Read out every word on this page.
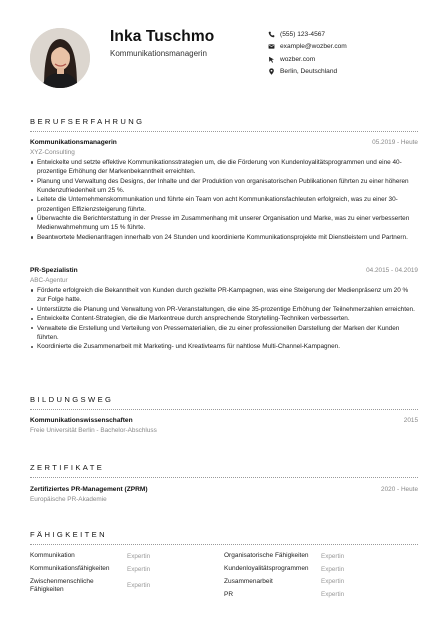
Inka Tuschmo
Kommunikationsmanagerin
(555) 123-4567
example@wozber.com
wozber.com
Berlin, Deutschland
BERUFSERFAHRUNG
Kommunikationsmanagerin	05.2019 - Heute
XYZ-Consulting
Entwickelte und setzte effektive Kommunikationsstrategien um, die die Förderung von Kundenloyalitätsprogrammen und eine 40-prozentige Erhöhung der Markenbekanntheit erreichten.
Planung und Verwaltung des Designs, der Inhalte und der Produktion von organisatorischen Publikationen führten zu einer höheren Kundenzufriedenheit um 25 %.
Leitete die Unternehmenskommunikation und führte ein Team von acht Kommunikationsfachleuten erfolgreich, was zu einer 30-prozentigen Effizienzsteigerung führte.
Überwachte die Berichterstattung in der Presse im Zusammenhang mit unserer Organisation und Marke, was zu einer verbesserten Medienwahrnehmung um 15 % führte.
Beantwortete Medienanfragen innerhalb von 24 Stunden und koordinierte Kommunikationsprojekte mit Dienstleistern und Partnern.
PR-Spezialistin	04.2015 - 04.2019
ABC-Agentur
Förderte erfolgreich die Bekanntheit von Kunden durch gezielte PR-Kampagnen, was eine Steigerung der Medienpräsenz um 20 % zur Folge hatte.
Unterstützte die Planung und Verwaltung von PR-Veranstaltungen, die eine 35-prozentige Erhöhung der Teilnehmerzahlen erreichten.
Entwickelte Content-Strategien, die die Markentreue durch ansprechende Storytelling-Techniken verbesserten.
Verwaltete die Erstellung und Verteilung von Pressematerialien, die zu einer professionellen Darstellung der Marken der Kunden führten.
Koordinierte die Zusammenarbeit mit Marketing- und Kreativteams für nahtlose Multi-Channel-Kampagnen.
BILDUNGSWEG
Kommunikationswissenschaften	2015
Freie Universität Berlin - Bachelor-Abschluss
ZERTIFIKATE
Zertifiziertes PR-Management (ZPRM)	2020 - Heute
Europäische PR-Akademie
FÄHIGKEITEN
Kommunikation	Expertin
Kommunikationsfähigkeiten	Expertin
Zwischenmenschliche Fähigkeiten	Expertin
Organisatorische Fähigkeiten	Expertin
Kundenloyalitätsprogrammen	Expertin
Zusammenarbeit	Expertin
PR	Expertin
